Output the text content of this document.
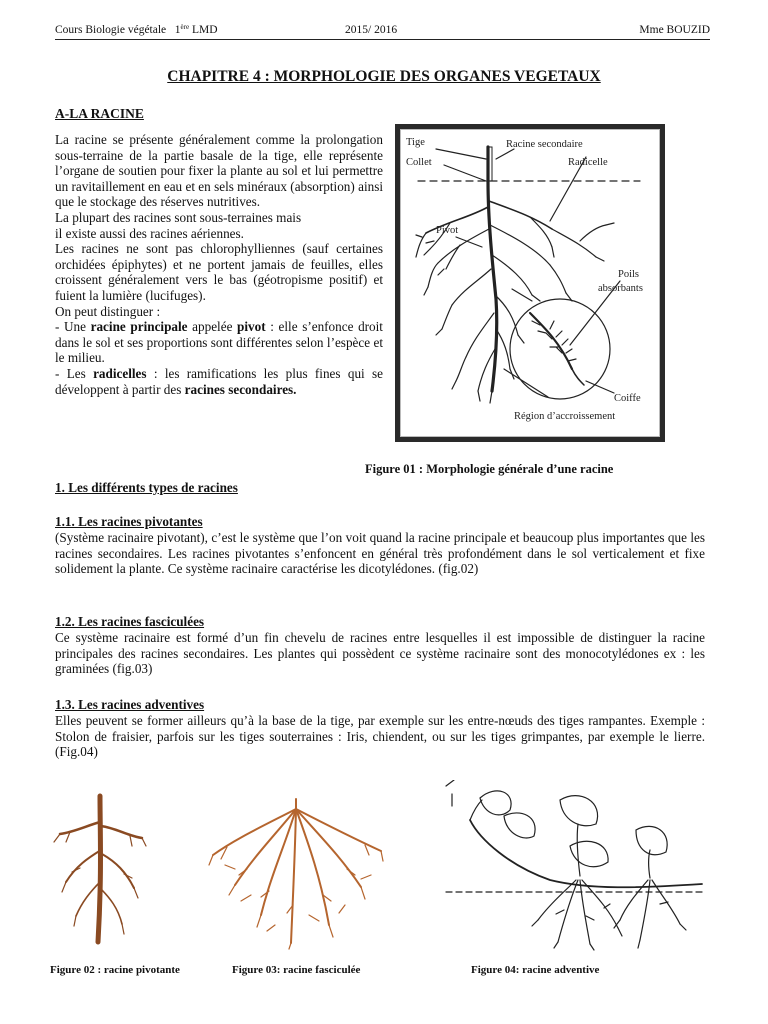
Cours Biologie végétale 1ère LMD	2015/ 2016	Mme BOUZID
CHAPITRE 4 : MORPHOLOGIE DES ORGANES VEGETAUX
A-LA RACINE

La racine se présente généralement comme la prolongation sous-terraine de la partie basale de la tige, elle représente l’organe de soutien pour fixer la plante au sol et lui permettre un ravitaillement en eau et en sels minéraux (absorption) ainsi que le stockage des réserves nutritives.

La plupart des racines sont sous-terraines mais

il existe aussi des racines aériennes.

Les racines ne sont pas chlorophylliennes (sauf certaines orchidées épiphytes) et ne portent jamais de feuilles, elles croissent généralement vers le bas (géotropisme positif) et fuient la lumière (lucifuges).

On peut distinguer :

- Une racine principale appelée pivot : elle s’enfonce droit dans le sol et ses proportions sont différentes selon l’espèce et le milieu.

- Les radicelles : les ramifications les plus fines qui se développent à partir des racines secondaires.

Tige
Collet
Racine secondaire
Radicelle
Pivot
Poils
absorbants
Coiffe
Région d’accroissement
Figure 01 : Morphologie générale d’une racine
1. Les différents types de racines
1.1. Les racines pivotantes
(Système racinaire pivotant), c’est le système que l’on voit quand la racine principale et beaucoup plus importantes que les racines secondaires. Les racines pivotantes s’enfoncent en général très profondément dans le sol verticalement et fixe solidement la plante. Ce système racinaire caractérise les dicotylédones. (fig.02)
1.2. Les racines fasciculées
Ce système racinaire est formé d’un fin chevelu de racines entre lesquelles il est impossible de distinguer la racine principales des racines secondaires. Les plantes qui possèdent ce système racinaire sont des monocotylédones ex : les graminées (fig.03)
1.3. Les racines adventives
Elles peuvent se former ailleurs qu’à la base de la tige, par exemple sur les entre-nœuds des tiges rampantes. Exemple : Stolon de fraisier, parfois sur les tiges souterraines : Iris, chiendent, ou sur les tiges grimpantes, par exemple le lierre. (Fig.04)
Figure 02 : racine pivotante	Figure 03: racine fasciculée	Figure 04: racine adventive
